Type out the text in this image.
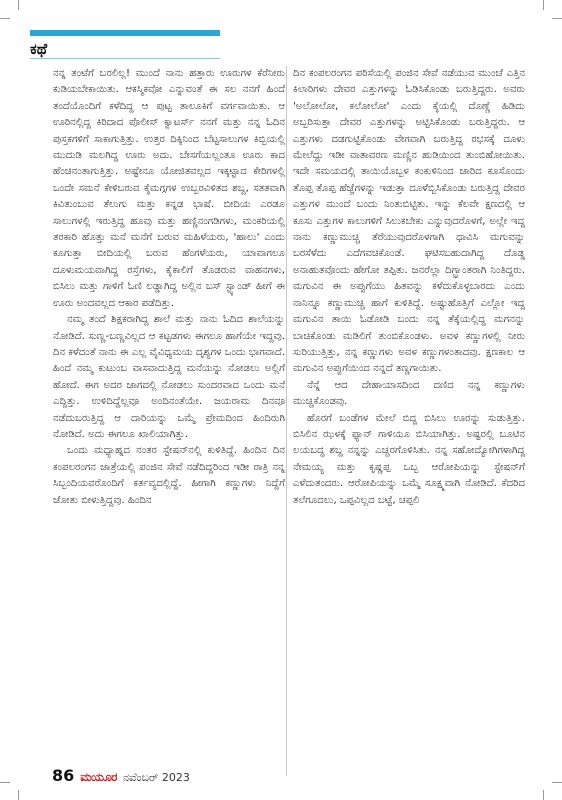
ಕಥೆ

ನನ್ನ ತಂಟೆಗೆ ಬರಲಿಲ್ಲ! ಮುಂದೆ ನಾನು ಹತ್ತಾರು ಊರುಗಳ ಕೆರೆನೀರು ಕುಡಿಯಬೇಕಾಯಿತು. ಆಕಸ್ಮಿಕವೋ ಎನ್ನುವಂತೆ ಈ ಸಲ ನನಗೆ ಹಿಂದೆ ತಂದೆಯೊಂದಿಗೆ ಕಳೆದಿದ್ದ ಆ ಪುಟ್ಟ ತಾಲೂಕಿಗೆ ವರ್ಗವಾಯಿತು. ಆ ಊರಿನಲ್ಲಿದ್ದ ಕಿರಿದಾದ ಪೊಲೀಸ್ ಕ್ವಾಟರ್ಸ್ ನನಗೆ ಮತ್ತು ನನ್ನ ಓದಿನ ಪುಸ್ತಕಗಳಿಗೆ ಸಾಕಾಗುತ್ತಿತ್ತು. ಉತ್ತರ ದಿಕ್ಕಿನಿಂದ ಬೆಟ್ಟಸಾಲುಗಳ ಕಿಬ್ಬಿಯಲ್ಲಿ ಮುದುಡಿ ಮಲಗಿದ್ದ ಊರು ಅದು. ಬೇಸಗೆಯಲ್ಲಂತೂ ಊರು ಕಾದ ಹೆಂಚಿನಂತಾಗುತ್ತಿತ್ತು. ಅಷ್ಟೇನೂ ಯೋಜಿತವಲ್ಲದ ಇಕ್ಕಟ್ಟಾದ ಕೇರಿಗಳಲ್ಲಿ ಒಂದೇ ಸಮನೆ ಕೇಳಿಬರುವ ಕೈಮಗ್ಗಗಳ ಉಬ್ಬರವಿಳಿತದ ಶಬ್ದ, ಸತತವಾಗಿ ಕಿವಿತುಂಬುವ ತೆಲುಗು ಮತ್ತು ಕನ್ನಡ ಭಾಷೆ. ಬೀದಿಯ ಎರಡೂ ಸಾಲುಗಳಲ್ಲಿ ಇರುತ್ತಿದ್ದ ಹೂವು ಮತ್ತು ಹಣ್ಣಿನಂಗಡಿಗಳು, ಮಂಕರಿಯಲ್ಲಿ ತರಕಾರಿ ಹೊತ್ತು ಮನೆ ಮನೆಗೆ ಬರುವ ಮಹಿಳೆಯರು, 'ಹಾಲು' ಎಂದು ಕೂಗುತ್ತಾ ಬೀದಿಯಲ್ಲಿ ಬರುವ ಹೆಂಗಳೆಯರು, ಯಾವಾಗಲೂ ದೂಳುಮಯವಾಗಿದ್ದ ರಸ್ತೆಗಳು, ಕೈಕಾಲಿಗೆ ತೊಡರುವ ವಾಹನಗಳು, ಬಿಸಿಲು ಮತ್ತು ಗಾಳಿಗೆ ಓಣಿ ಲಡ್ಡಾಗಿದ್ದ ಅಲ್ಲಿನ ಬಸ್ ಸ್ಟ್ಯಾಂಡ್ ಹೀಗೆ ಈ ಊರು ಅಂದವಲ್ಲದ ಆಕಾರ ಪಡೆದಿತ್ತು.

ನಮ್ಮ ತಂದೆ ಶಿಕ್ಷಕರಾಗಿದ್ದ ಶಾಲೆ ಮತ್ತು ನಾನು ಓದಿದ ಶಾಲೆಯನ್ನು ನೋಡಿದೆ. ಸುಣ್ಣ-ಬಣ್ಣವಿಲ್ಲದ ಆ ಕಟ್ಟಡಗಳು ಈಗಲೂ ಹಾಗೆಯೇ ಇದ್ದವು. ದಿನ ಕಳೆದಂತೆ ನಾನು ಈ ಎಲ್ಲ ವೈವಿಧ್ಯಮಯ ದೃಶ್ಯಗಳ ಒಂದು ಭಾಗವಾದೆ. ಹಿಂದೆ ನಮ್ಮ ಕುಟುಂಬ ವಾಸವಾದುತ್ತಿದ್ದ ಮನೆಯನ್ನು ನೋಡಲು ಅಲ್ಲಿಗೆ ಹೋದೆ. ಈಗ ಅದರ ಜಾಗದಲ್ಲಿ ನೋಡಲು ಸುಂದರವಾದ ಒಂದು ಮನೆ ಎದ್ದಿತ್ತು. ಉಳಿದಿದ್ದೆಲ್ಲವೂ ಅಂದಿನಂತೆಯೇ. ಜಯರಾಮ ದಿನವೂ ನಡೆದುಬರುತ್ತಿದ್ದ ಆ ದಾರಿಯನ್ನು ಒಮ್ಮೆ ಪ್ರೇಮದಿಂದ ಹಿಂದಿರುಗಿ ನೋಡಿದೆ. ಅದು ಈಗಲೂ ಖಾಲಿಯಾಗಿತ್ತು.

ಒಂದು ಮಧ್ಯಾಹ್ನದ ನಂತರ ಸ್ಟೇಷನ್‌ನಲ್ಲಿ ಕುಳಿತಿದ್ದೆ. ಹಿಂದಿನ ದಿನ ಕಂಪಲರಂಗನ ಜಾತ್ರೆಯಲ್ಲಿ ಪಂಜಿನ ಸೇವೆ ನಡೆದಿದ್ದರಿಂದ ಇಡೀ ರಾತ್ರಿ ನನ್ನ ಸಿಬ್ಬಂದಿಯವರೊಂದಿಗೆ ಕರ್ತವ್ಯದಲ್ಲಿದ್ದೆ. ಹೀಗಾಗಿ ಕಣ್ಣುಗಳು ನಿದ್ದೆಗೆ ಜೋತು ಬೀಳುತ್ತಿದ್ದವು. ಹಿಂದಿನ

ದಿನ ಕಂಪಲರಂಗನ ಪರಿಸೆಯಲ್ಲಿ ಪಂಜಿನ ಸೇವೆ ನಡೆಯುವ ಮುಂಚೆ ಎತ್ತಿನ ಕಿಲಾರಿಗಳು ದೇವರ ಎತ್ತುಗಳನ್ನು ಓಡಿಸಿಕೊಂಡು ಬರುತ್ತಿದ್ದರು. ಅವರು 'ಅಲೋಲೋ, ಕಲೋಲೋ' ಎಂದು ಕೈಯಲ್ಲಿ ದೊಣ್ಣೆ ಹಿಡಿದು ಅಬ್ಬರಿಸುತ್ತಾ ದೇವರ ಎತ್ತುಗಳನ್ನು ಅಟ್ಟಿಸಿಕೊಂಡು ಬರುತ್ತಿದ್ದರು. ಆ ಎತ್ತುಗಳು ದಡಗುಟ್ಟಿಕೊಂಡು ವೇಗವಾಗಿ ಬರುತ್ತಿದ್ದ ರಭಸಕ್ಕೆ ದೂಳು ಮೇಲೆದ್ದು ಇಡೀ ವಾತಾವರಣ ಮಣ್ಣಿನ ಹುಡಿಯಿಂದ ತುಂಬಿಹೋಯಿತು. ಇದೇ ಸಮಯದಲ್ಲಿ ತಾಯಿಯೊಬ್ಬಳ ಕಂಕುಳಿನಿಂದ ಜಾರಿದ ಕೂಸೊಂದು ತೊಪ್ಪ ತೊಪ್ಪ ಹೆಜ್ಜೆಗಳನ್ನು ಇಡುತ್ತಾ ದೂಳೆಬ್ಬಿಸಿಕೊಂಡು ಬರುತ್ತಿದ್ದ ದೇವರ ಎತ್ತುಗಳ ಮುಂದೆ ಬಂದು ನಿಂತುಬಿಟ್ಟಿತು. ಇನ್ನು ಕೆಲವೇ ಕ್ಷಣದಲ್ಲಿ ಆ ಕೂಸು ಎತ್ತುಗಳ ಕಾಲುಗಳಿಗೆ ಸಿಲುಕಬೇಕು ಎನ್ನುವುದರೊಳಗೆ, ಅಲ್ಲೇ ಇದ್ದ ನಾನು ಕಣ್ಣುಮುಚ್ಚಿ ತೆರೆಯುವುದರೊಳಗಾಗಿ ಧಾವಿಸಿ ಮಗುವನ್ನು ಬರಸೆಳೆದು ಎದೆಗವಚಿಕೊಂಡೆ. ಘಟಿಸಬಹುದಾಗಿದ್ದ ದೊಡ್ಡ ಅನಾಹುತವೊಂದು ಹೇಗೋ ತಪ್ಪಿತು. ಜನರೆಲ್ಲಾ ದಿಗ್ಭ್ರಾಂತರಾಗಿ ನಿಂತಿದ್ದರು. ಮಗುವಿನ ಈ ಅಪ್ಪುಗೆಯು ಹಿತವನ್ನು ಕಳೆದುಕೊಳ್ಳಬಾರದು ಎಂದು ನಾನಿನ್ನೂ ಕಣ್ಣುಮುಚ್ಚಿ ಹಾಗೆ ಕುಳಿತಿದ್ದೆ. ಅಷ್ಟುಹೊತ್ತಿಗೆ ಎಲ್ಲೋ ಇದ್ದ ಮಗುವಿನ ತಾಯಿ ಓಡೋಡಿ ಬಂದು ನನ್ನ ತೆಕ್ಕೆಯಲ್ಲಿದ್ದ ಮಗನನ್ನು ಬಾಚಿಕೊಂಡು ಮಡಿಲಿಗೆ ತುಂಬಿಕೊಂಡಳು. ಅವಳ ಕಣ್ಣುಗಳಲ್ಲಿ ನೀರು ಸುರಿಯುತ್ತಿತ್ತು, ನನ್ನ ಕಣ್ಣುಗಳು ಅವಳ ಕಣ್ಣುಗಳಂತಾದವು. ಕ್ಷಣಕಾಲ ಆ ಮಗುವಿನ ಅಪ್ಪುಗೆಯಿಂದ ನನ್ನದೆ ತಣ್ಣಗಾಯಿತು.

ನೆನ್ನೆ ಆದ ದೇಹಾಯಾಸದಿಂದ ದಣಿದ ನನ್ನ ಕಣ್ಣುಗಳು ಮುಚ್ಚಿಕೊಂಡವು.

ಹೊರಗೆ ಬಂಡೆಗಳ ಮೇಲೆ ಬಿದ್ದ ಬಿಸಿಲು ಊರನ್ನು ಸುಡುತ್ತಿತ್ತು. ಬಿಸಿಲಿನ ಝಳಕ್ಕೆ ಫ್ಯಾನ್ ಗಾಳಿಯೂ ಬಿಸಿಯಾಗಿತ್ತು. ಅಷ್ಟರಲ್ಲಿ ಬೂಟಿನ ಲಯಬದ್ಧ ಶಬ್ದ ನನ್ನನ್ನು ಎಚ್ಚರಗೊಳಿಸಿತು. ನನ್ನ ಸಹೋದ್ಯೋಗಿಗಳಾಗಿದ್ದ ನೇಮಯ್ಯ ಮತ್ತು ಕೃಷ್ಣಪ್ಪ ಒಬ್ಬ ಆರೋಪಿಯನ್ನು ಸ್ಟೇಷನ್‌ಗೆ ಎಳೆದುತಂದರು. ಆರೋಪಿಯನ್ನು ಒಮ್ಮೆ ಸೂಕ್ಷ್ಮವಾಗಿ ನೋಡಿದೆ. ಕೆದರಿದ ತಲೆಗೂದಲು, ಒಪ್ಪವಿಲ್ಲದ ಬಟ್ಟೆ, ಚಪ್ಪಲಿ

86 ಮಯೂರ ನವೆಂಬರ್ 2023
